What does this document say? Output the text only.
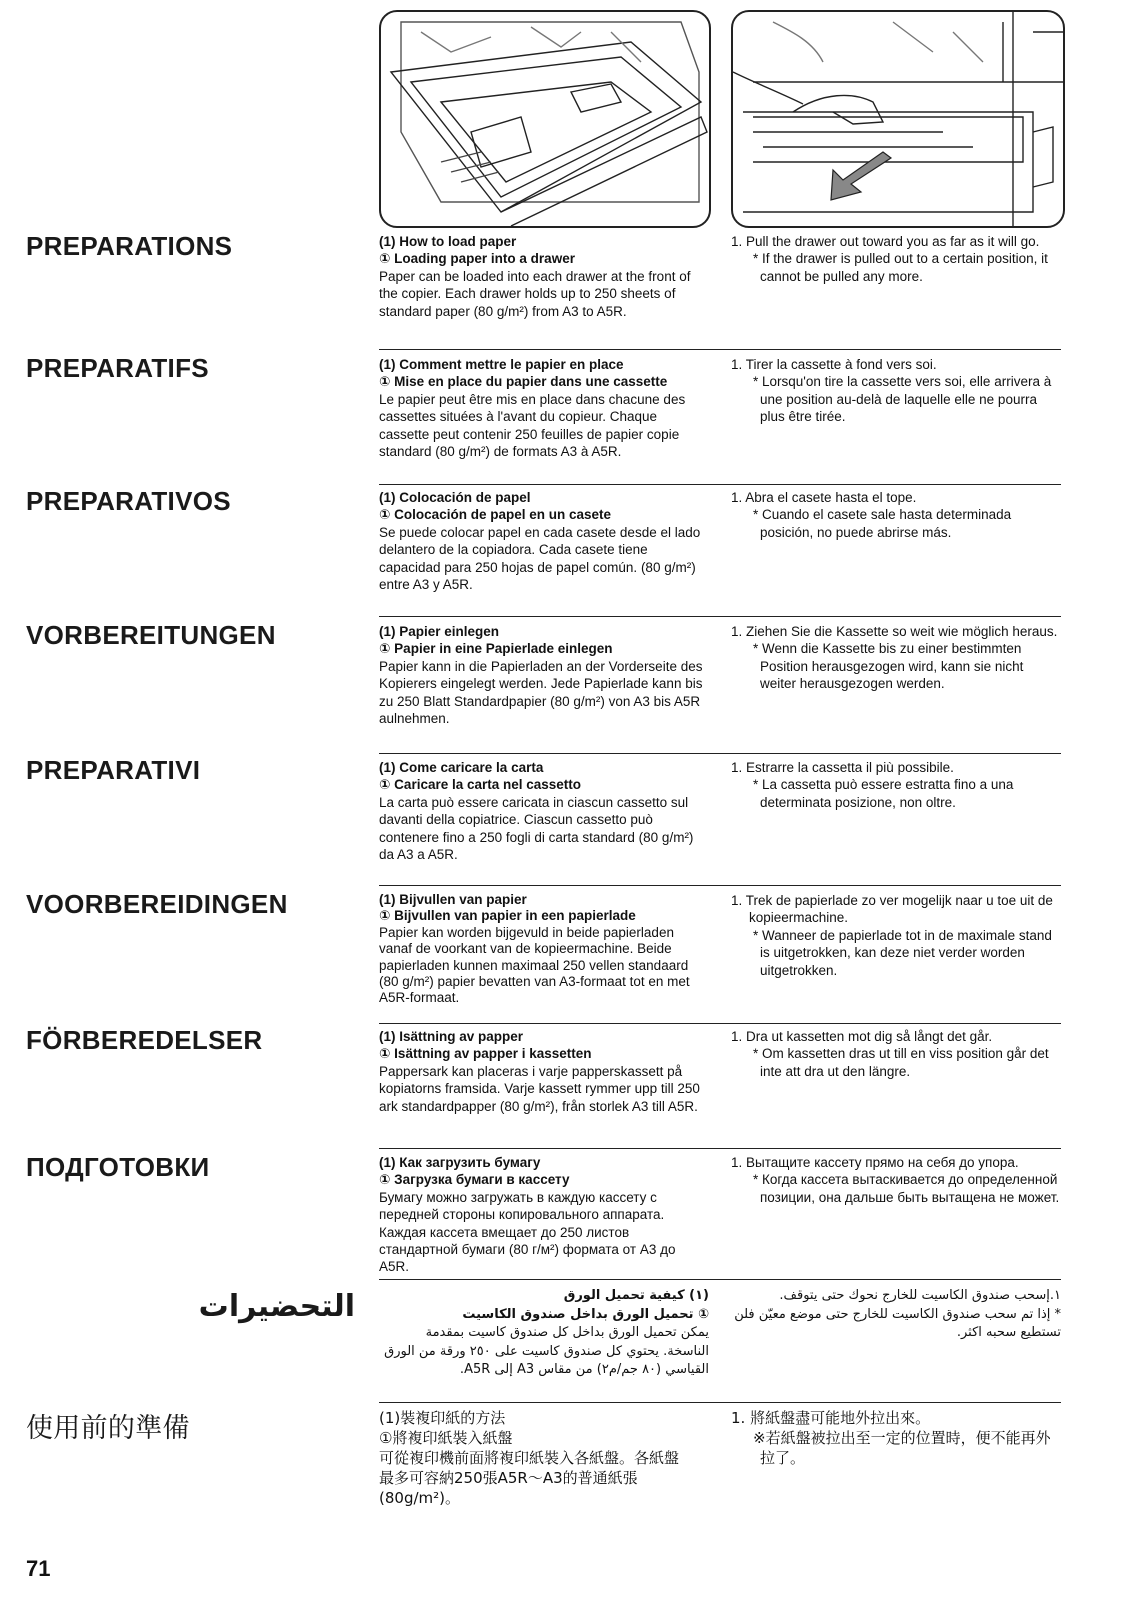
PREPARATIONS	(1) How to load paper
① Loading paper into a drawer

Paper can be loaded into each drawer at the front of the copier. Each drawer holds up to 250 sheets of standard paper (80 g/m²) from A3 to A5R.

1. Pull the drawer out toward you as far as it will go.
* If the drawer is pulled out to a certain position, it cannot be pulled any more.
PREPARATIFS	(1) Comment mettre le papier en place
① Mise en place du papier dans une cassette

Le papier peut être mis en place dans chacune des cassettes situées à l'avant du copieur. Chaque cassette peut contenir 250 feuilles de papier copie standard (80 g/m²) de formats A3 à A5R.

1. Tirer la cassette à fond vers soi.
* Lorsqu'on tire la cassette vers soi, elle arrivera à une position au-delà de laquelle elle ne pourra plus être tirée.
PREPARATIVOS	(1) Colocación de papel
① Colocación de papel en un casete

Se puede colocar papel en cada casete desde el lado delantero de la copiadora. Cada casete tiene capacidad para 250 hojas de papel común. (80 g/m²) entre A3 y A5R.

1. Abra el casete hasta el tope.
* Cuando el casete sale hasta determinada posición, no puede abrirse más.
VORBEREITUNGEN	(1) Papier einlegen
① Papier in eine Papierlade einlegen

Papier kann in die Papierladen an der Vorderseite des Kopierers eingelegt werden. Jede Papierlade kann bis zu 250 Blatt Standardpapier (80 g/m²) von A3 bis A5R aulnehmen.

1. Ziehen Sie die Kassette so weit wie möglich heraus.
* Wenn die Kassette bis zu einer bestimmten Position herausgezogen wird, kann sie nicht weiter herausgezogen werden.
PREPARATIVI	(1) Come caricare la carta
① Caricare la carta nel cassetto

La carta può essere caricata in ciascun cassetto sul davanti della copiatrice. Ciascun cassetto può contenere fino a 250 fogli di carta standard (80 g/m²) da A3 a A5R.

1. Estrarre la cassetta il più possibile.
* La cassetta può essere estratta fino a una determinata posizione, non oltre.
VOORBEREIDINGEN	(1) Bijvullen van papier
① Bijvullen van papier in een papierlade

Papier kan worden bijgevuld in beide papierladen vanaf de voorkant van de kopieermachine. Beide papierladen kunnen maximaal 250 vellen standaard (80 g/m²) papier bevatten van A3-formaat tot en met A5R-formaat.

1. Trek de papierlade zo ver mogelijk naar u toe uit de kopieermachine.
* Wanneer de papierlade tot in de maximale stand is uitgetrokken, kan deze niet verder worden uitgetrokken.
FÖRBEREDELSER	(1) Isättning av papper
① Isättning av papper i kassetten

Pappersark kan placeras i varje papperskassett på kopiatorns framsida. Varje kassett rymmer upp till 250 ark standardpapper (80 g/m²), från storlek A3 till A5R.

1. Dra ut kassetten mot dig så långt det går.
* Om kassetten dras ut till en viss position går det inte att dra ut den längre.
ПОДГОТОВКИ	(1) Как загрузить бумагу
① Загрузка бумаги в кассету

Бумагу можно загружать в каждую кассету с передней стороны копировального аппарата. Каждая кассета вмещает до 250 листов стандартной бумаги (80 г/м²) формата от А3 до А5R.

1. Вытащите кассету прямо на себя до упора.
* Когда кассета вытаскивается до определенной позиции, она дальше быть вытащена не может.
التحضيرات	(١) كيفية تحميل الورق
① تحميل الورق بداخل صندوق الكاسيت

يمكن تحميل الورق بداخل كل صندوق كاسيت بمقدمة الناسخة. يحتوي كل صندوق كاسيت على ٢٥٠ ورقة من الورق القياسي (٨٠ جم/م٢) من مقاس A3 إلى A5R.

١.إسحب صندوق الكاسيت للخارج نحوك حتى يتوقف.
* إذا تم سحب صندوق الكاسيت للخارج حتى موضع معيّن فلن تستطيع سحبه اكثر.
使用前的準備	(1)裝複印紙的方法
①將複印紙裝入紙盤

可從複印機前面將複印紙裝入各紙盤。各紙盤最多可容納250張A5R～A3的普通紙張(80g/m²)。

1. 將紙盤盡可能地外拉出來。
※若紙盤被拉出至一定的位置時，便不能再外拉了。
71
